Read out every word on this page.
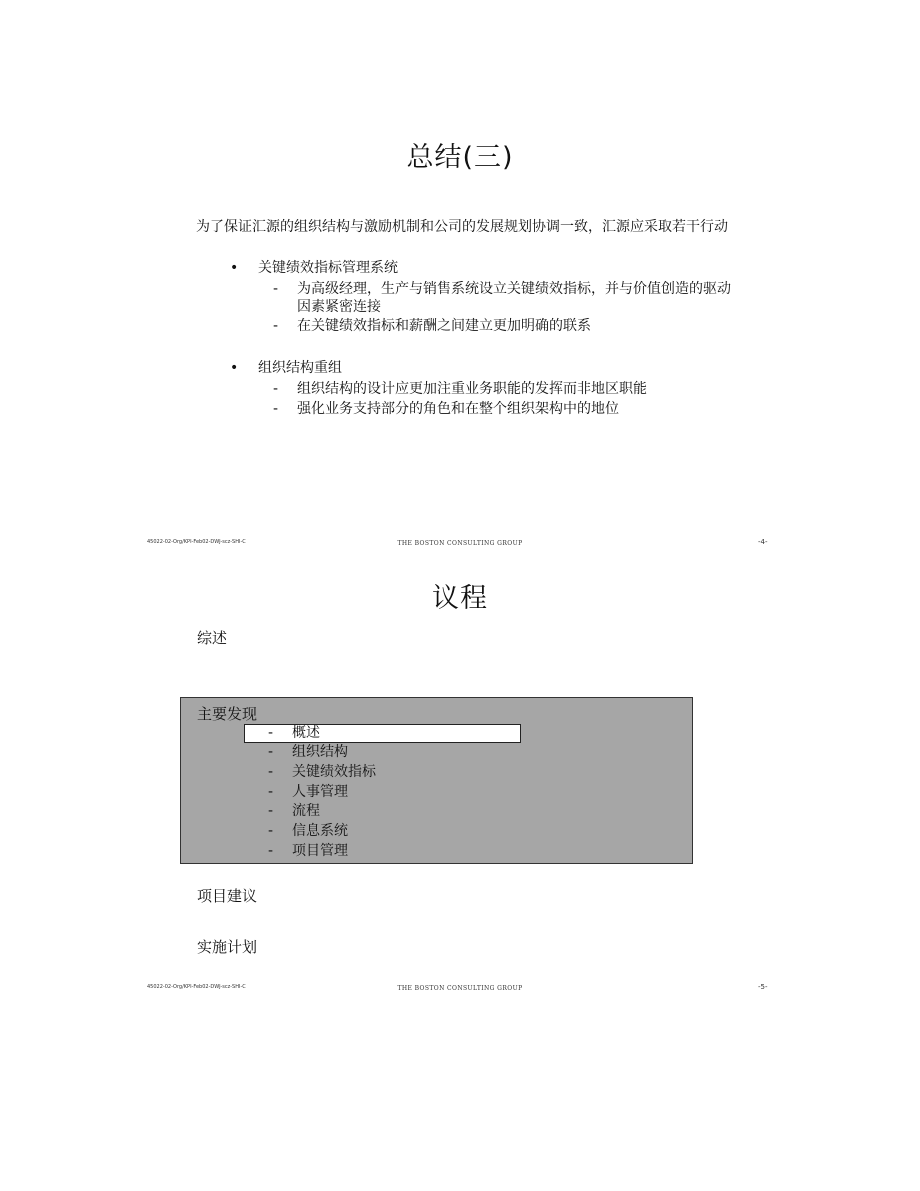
总结(三)
为了保证汇源的组织结构与激励机制和公司的发展规划协调一致，汇源应采取若干行动
• 关键绩效指标管理系统
- 为高级经理，生产与销售系统设立关键绩效指标，并与价值创造的驱动因素紧密连接
- 在关键绩效指标和薪酬之间建立更加明确的联系
• 组织结构重组
- 组织结构的设计应更加注重业务职能的发挥而非地区职能
- 强化业务支持部分的角色和在整个组织架构中的地位
45022-02-Org/KPI-Feb02-DWJ-scz-SHI-C	THE BOSTON CONSULTING GROUP	-4-
议程
综述
主要发现
- 概述
- 组织结构
- 关键绩效指标
- 人事管理
- 流程
- 信息系统
- 项目管理
项目建议
实施计划
45022-02-Org/KPI-Feb02-DWJ-scz-SHI-C	THE BOSTON CONSULTING GROUP	-5-
